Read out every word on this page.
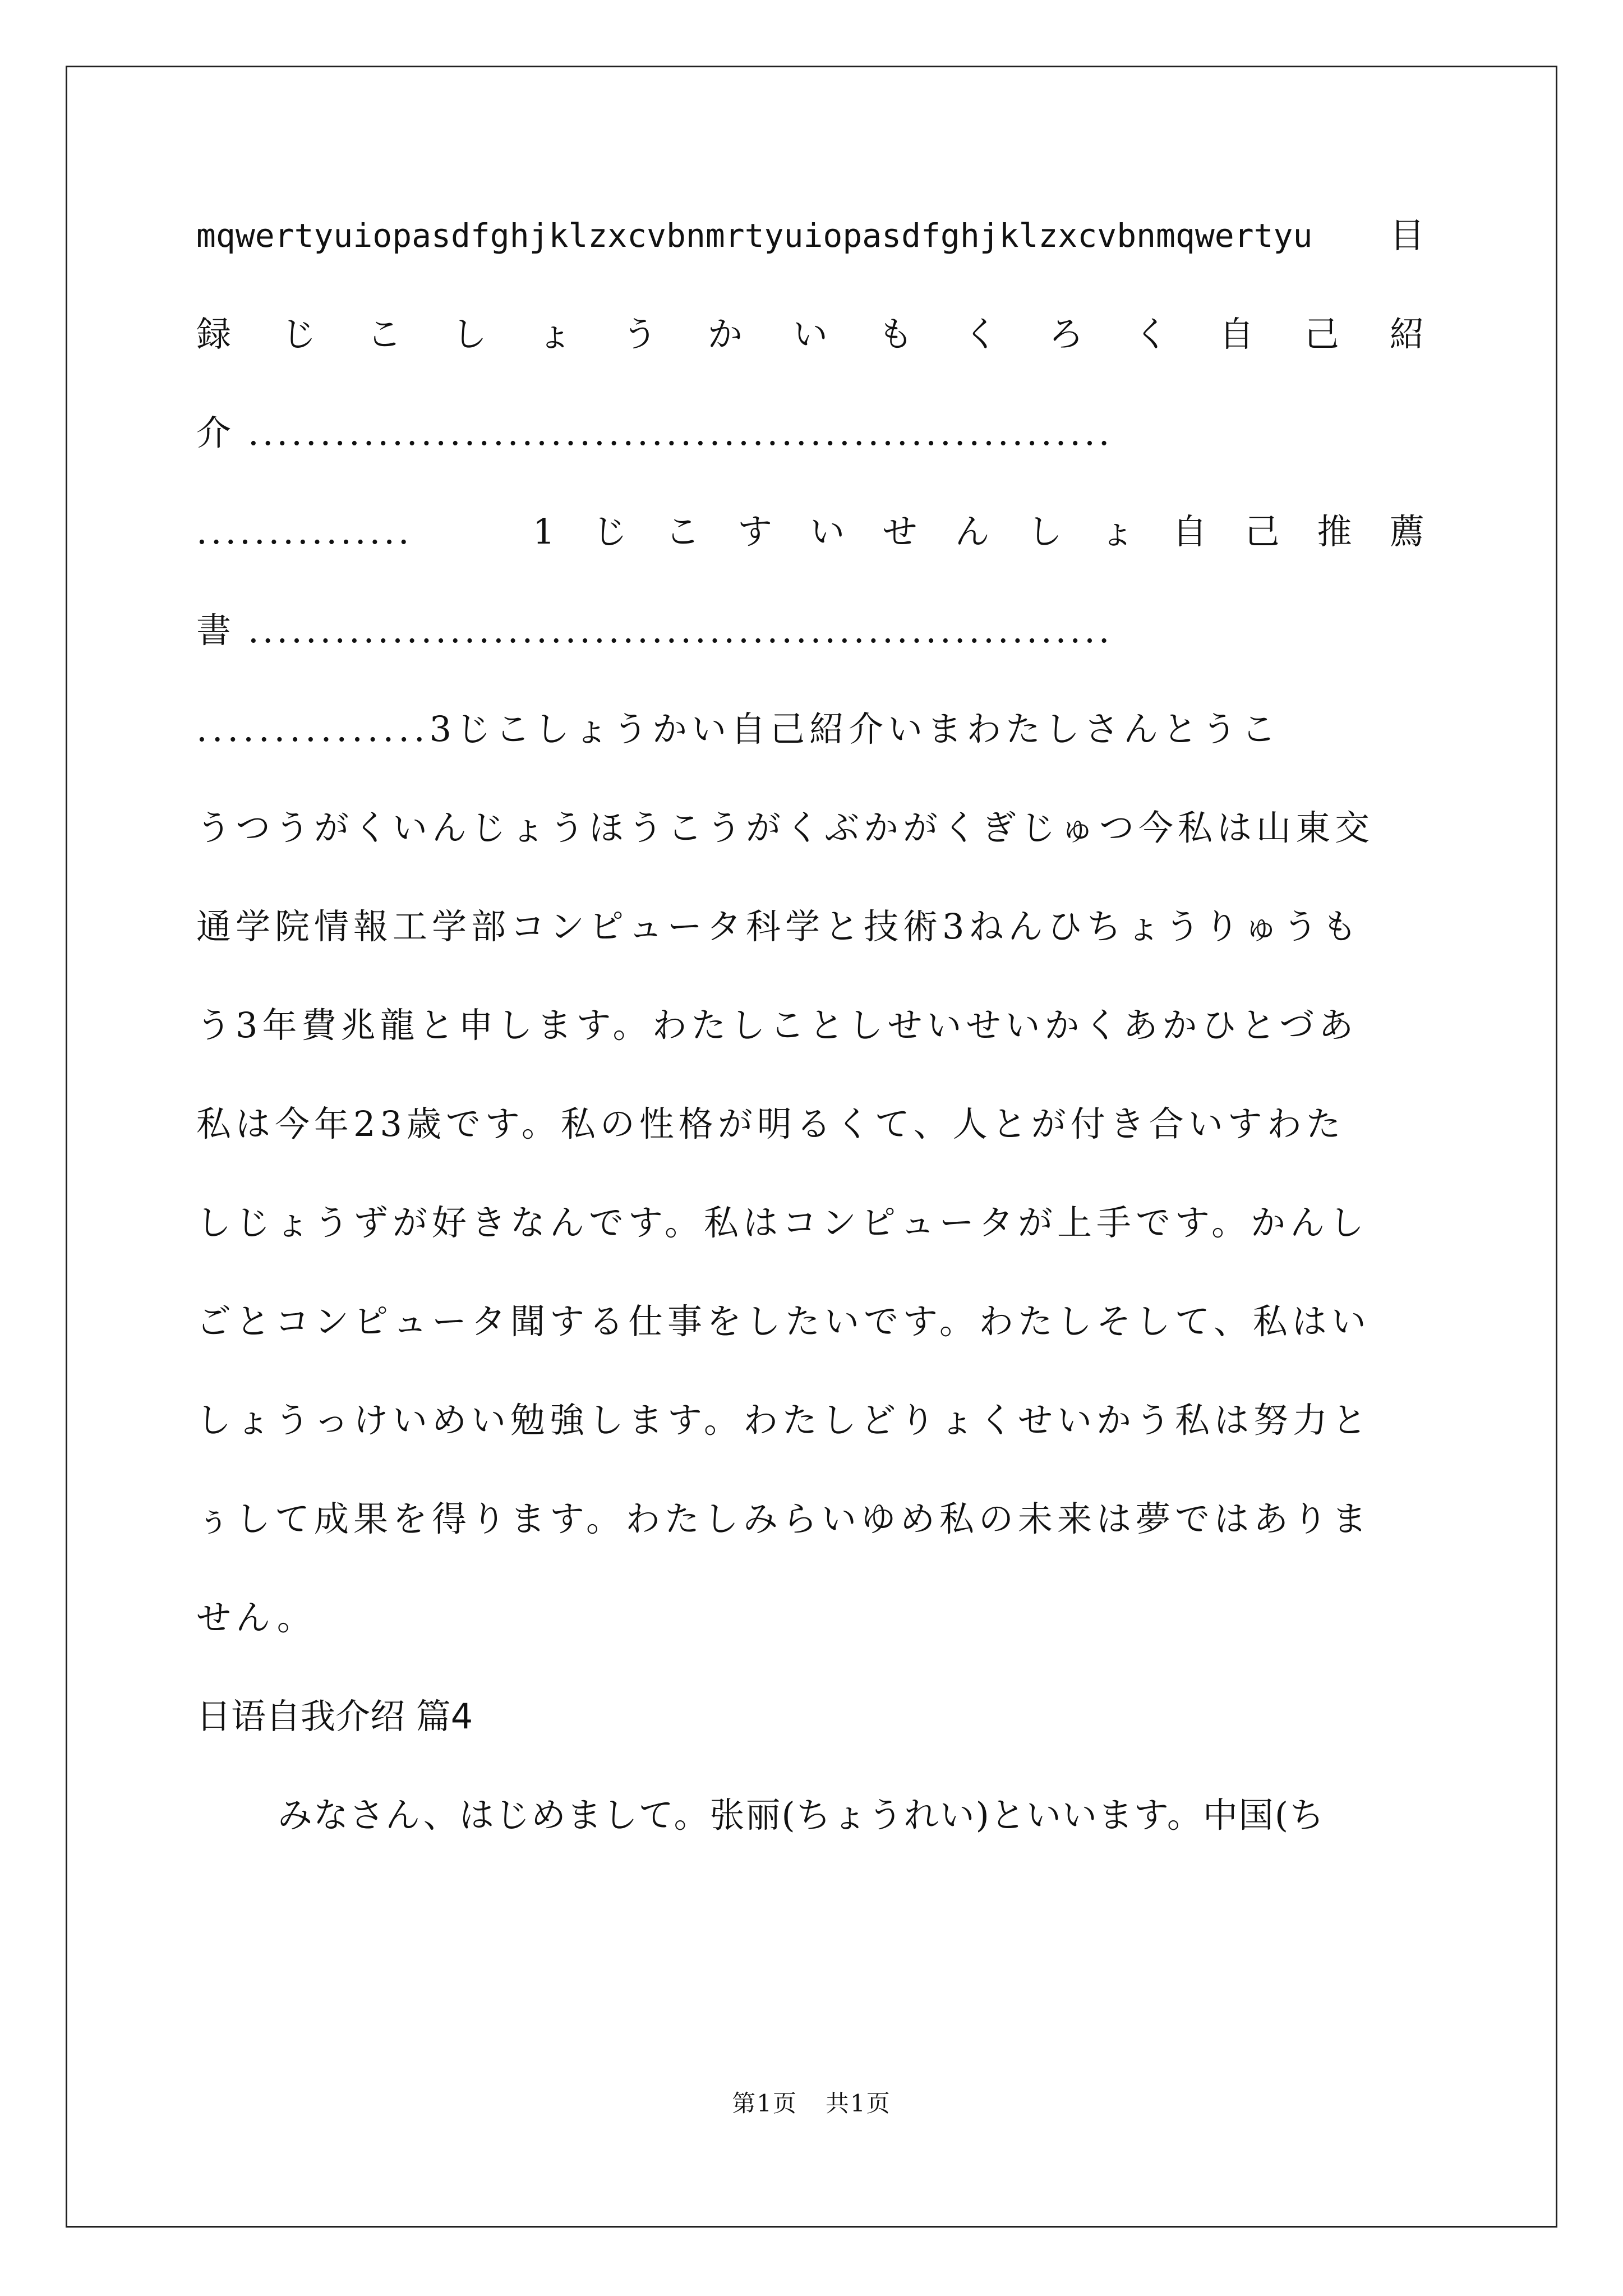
mqwertyuiopasdfghjklzxcvbnmrtyuiopasdfghjklzxcvbnmqwertyu 目
録 じ こ し ょ う か い も く ろ く 自 己 紹
介 ............................................................
...............	1 じ こ す い せ ん し ょ 自 己 推 薦
書 ............................................................
...............3じこしょうかい自己紹介いまわたしさんとうこ
うつうがくいんじょうほうこうがくぶかがくぎじゅつ今私は山東交
通学院情報工学部コンピュータ科学と技術3ねんひちょうりゅうも
う3年費兆龍と申します。わたしことしせいせいかくあかひとづあ
私は今年23歳です。私の性格が明るくて、人とが付き合いすわた
しじょうずが好きなんです。私はコンピュータが上手です。かんし
ごとコンピュータ聞する仕事をしたいです。わたしそして、私はい
しょうっけいめい勉強します。わたしどりょくせいかう私は努力と
ぅして成果を得ります。わたしみらいゆめ私の未来は夢ではありま
せん。
日语自我介绍 篇4
みなさん、はじめまして。张丽(ちょうれい)といいます。中国(ち
第1页 共1页
